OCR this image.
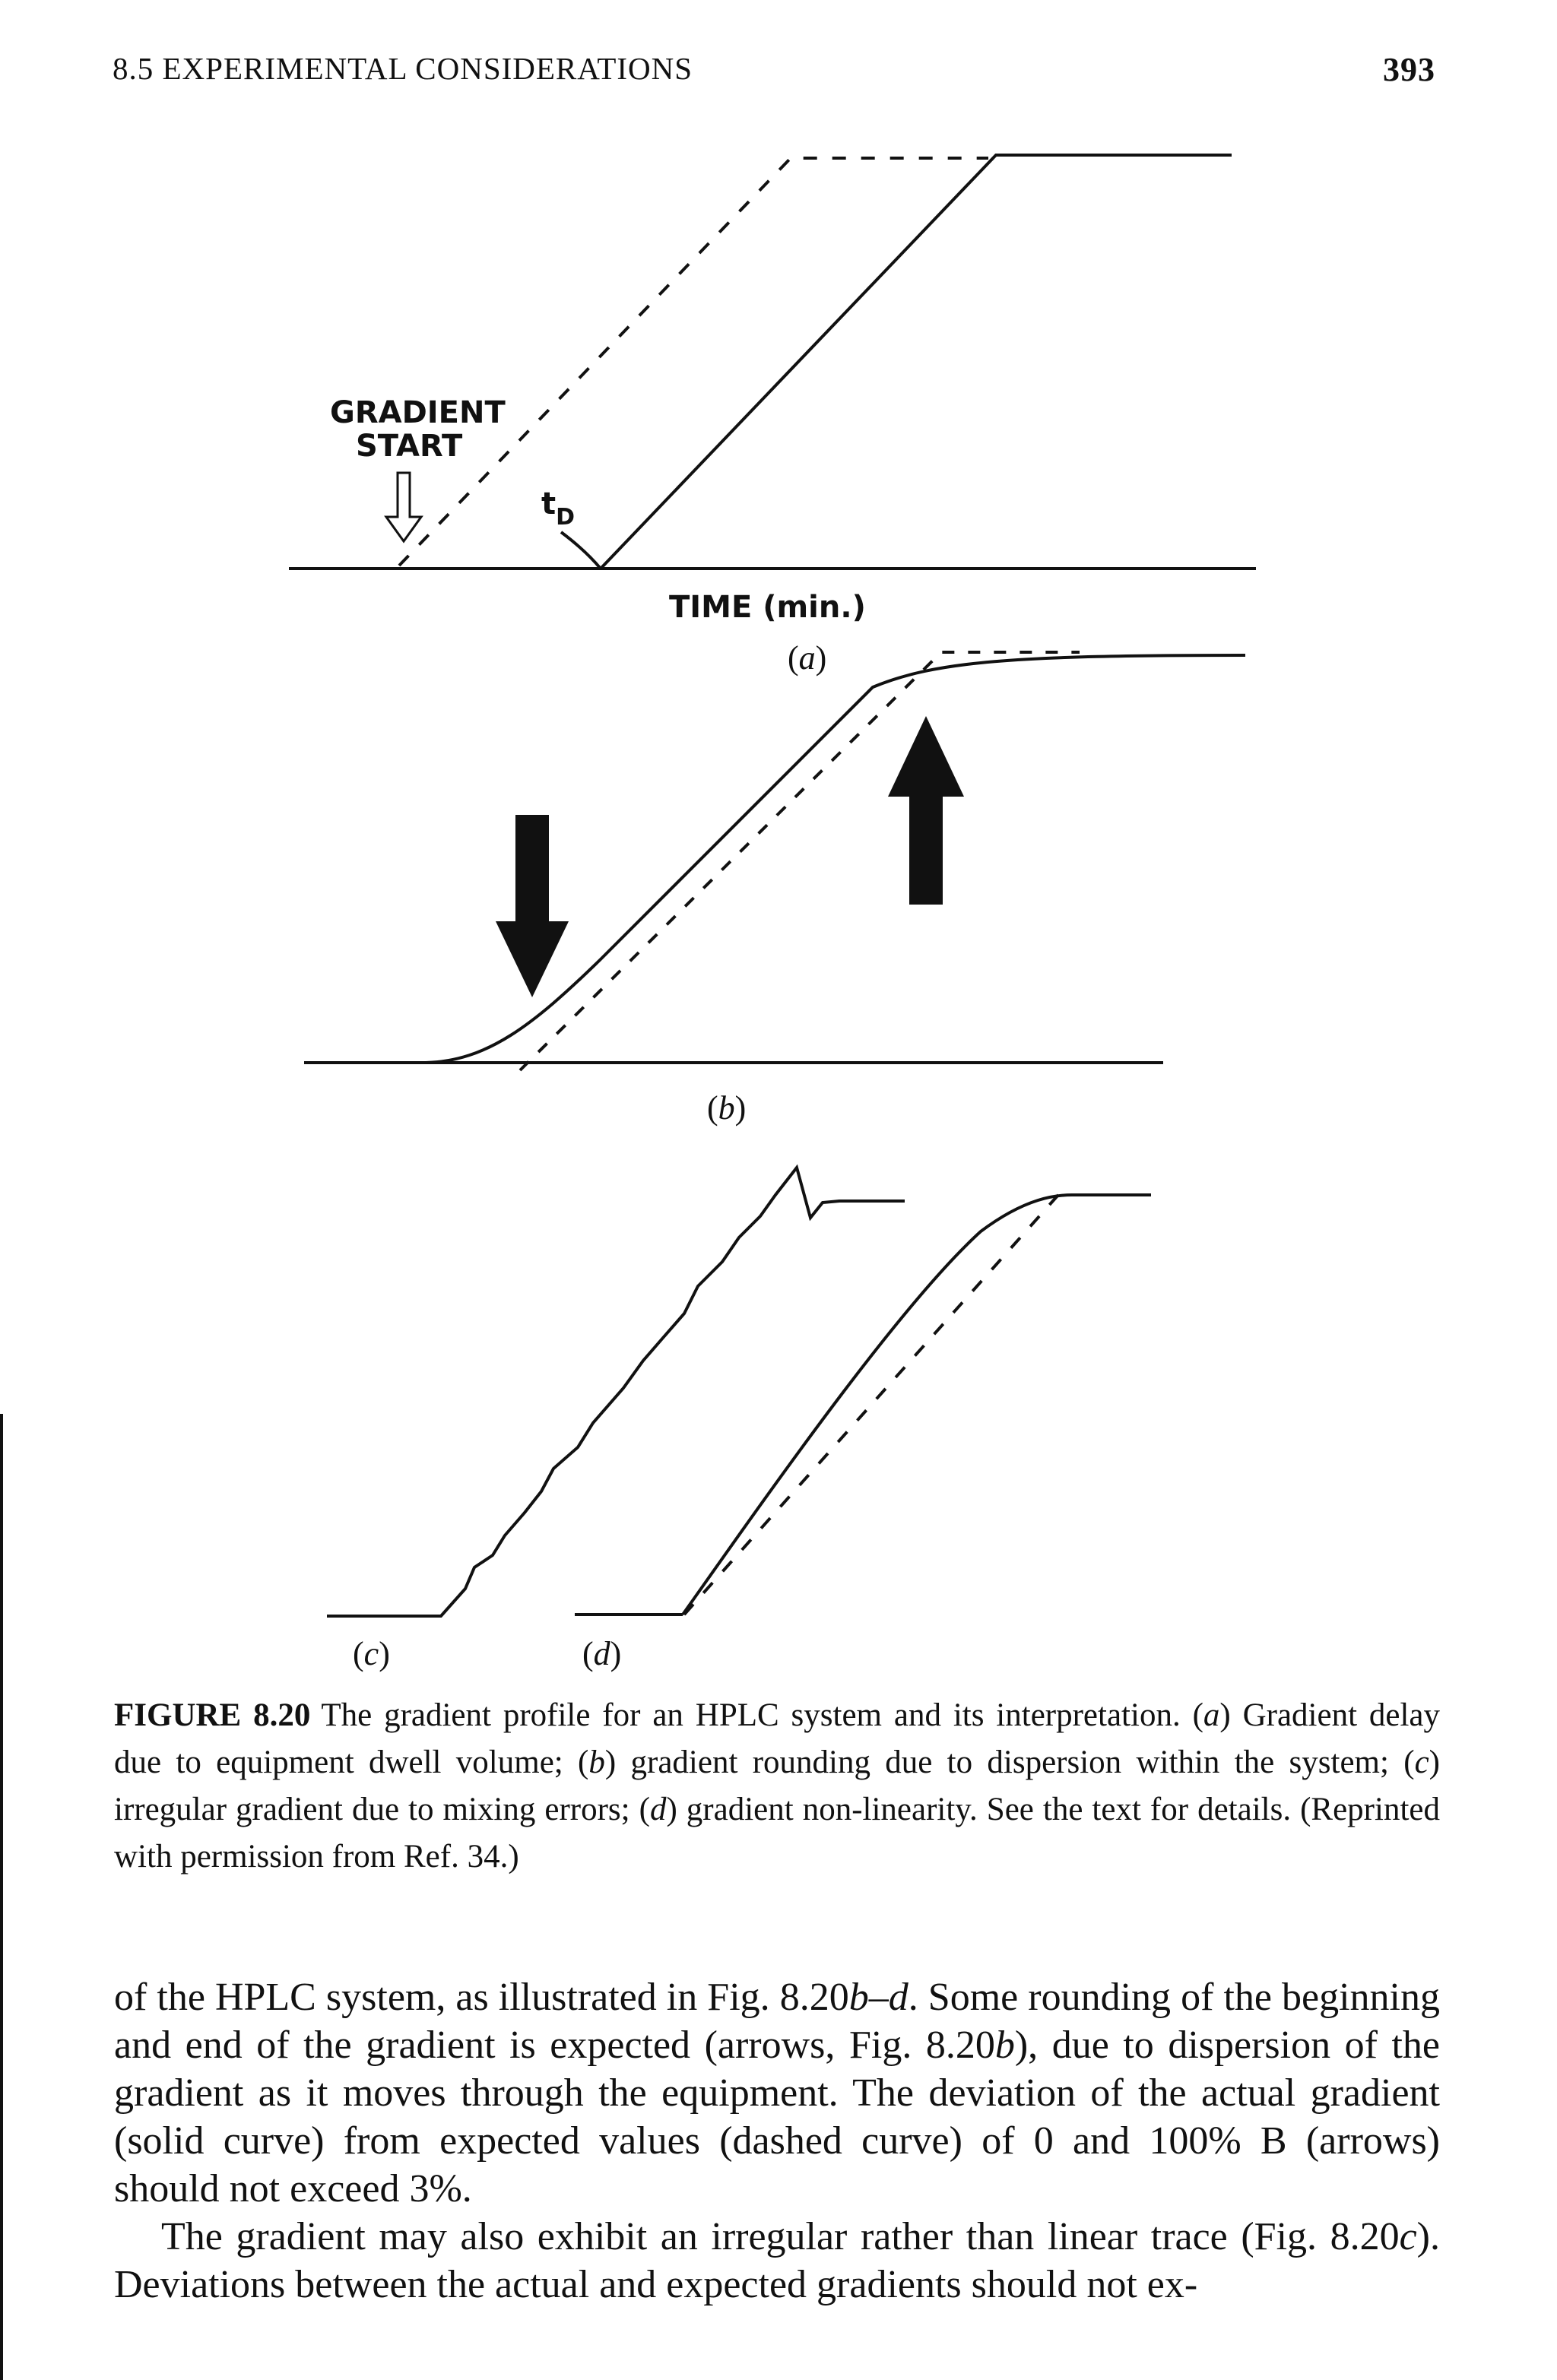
8.5 EXPERIMENTAL CONSIDERATIONS	393
GRADIENT
START
$t_D$
TIME (min.)
(a)
(b)
(c)	(d)
FIGURE 8.20 The gradient profile for an HPLC system and its interpretation. (a) Gradient delay due to equipment dwell volume; (b) gradient rounding due to dispersion within the system; (c) irregular gradient due to mixing errors; (d) gradient non-linearity. See the text for details. (Reprinted with permission from Ref. 34.)

of the HPLC system, as illustrated in Fig. 8.20b–d. Some rounding of the beginning and end of the gradient is expected (arrows, Fig. 8.20b), due to dispersion of the gradient as it moves through the equipment. The deviation of the actual gradient (solid curve) from expected values (dashed curve) of 0 and 100% B (arrows) should not exceed 3%.

The gradient may also exhibit an irregular rather than linear trace (Fig. 8.20c). Deviations between the actual and expected gradients should not ex-
